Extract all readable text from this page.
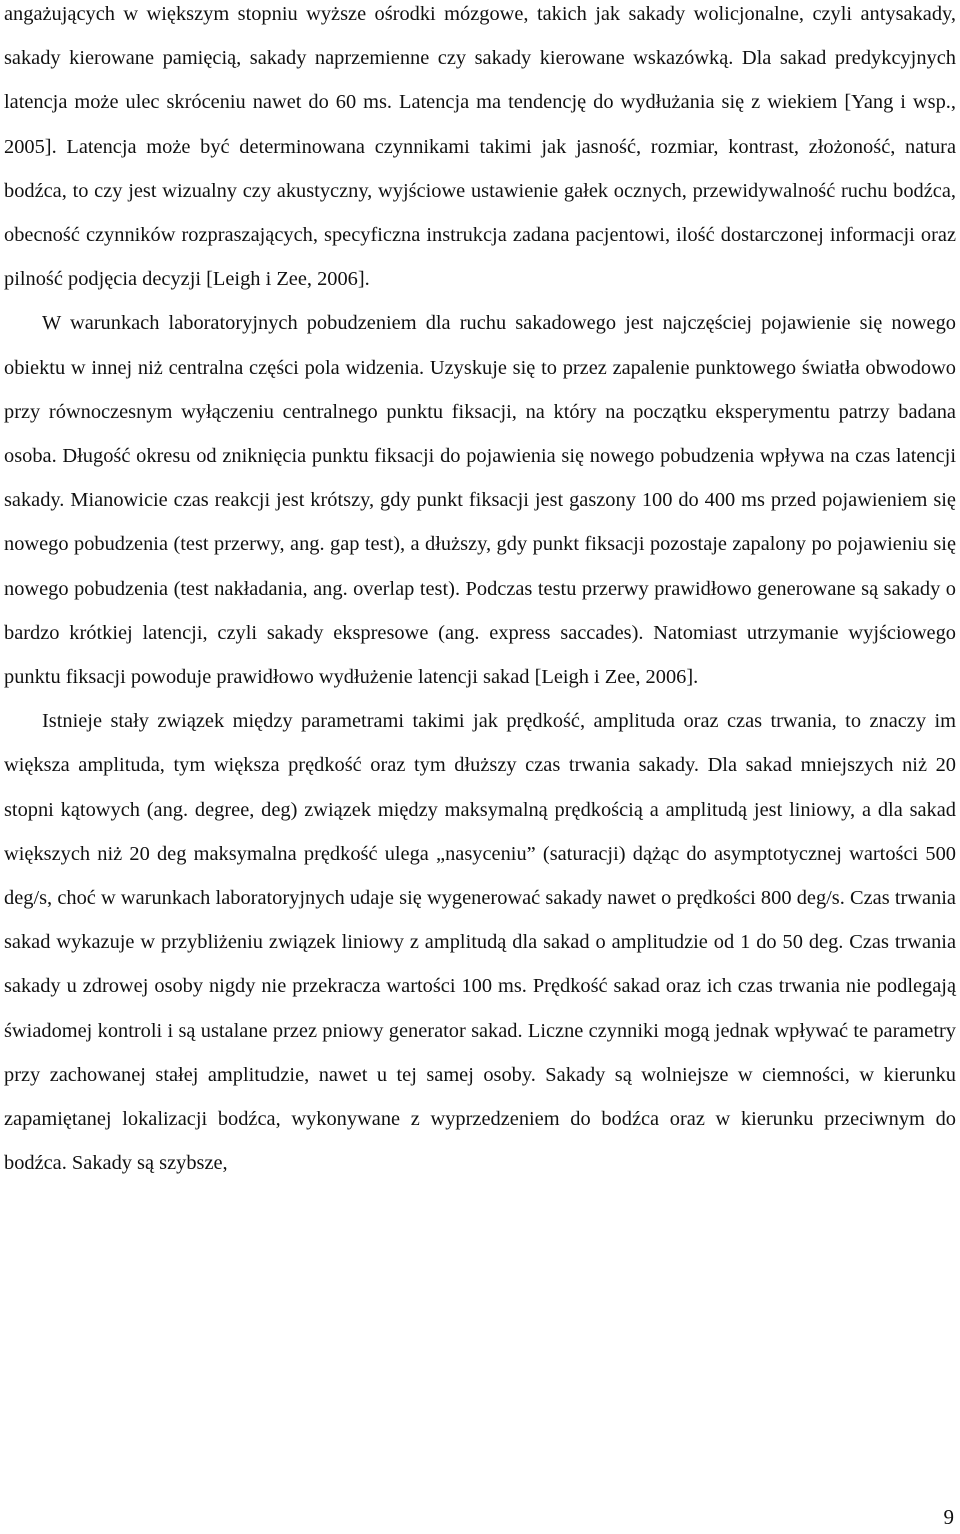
angażujących w większym stopniu wyższe ośrodki mózgowe, takich jak sakady wolicjonalne, czyli antysakady, sakady kierowane pamięcią, sakady naprzemienne czy sakady kierowane wskazówką. Dla sakad predykcyjnych latencja może ulec skróceniu nawet do 60 ms. Latencja ma tendencję do wydłużania się z wiekiem [Yang i wsp., 2005]. Latencja może być determinowana czynnikami takimi jak jasność, rozmiar, kontrast, złożoność, natura bodźca, to czy jest wizualny czy akustyczny, wyjściowe ustawienie gałek ocznych, przewidywalność ruchu bodźca, obecność czynników rozpraszających, specyficzna instrukcja zadana pacjentowi, ilość dostarczonej informacji oraz pilność podjęcia decyzji [Leigh i Zee, 2006].

W warunkach laboratoryjnych pobudzeniem dla ruchu sakadowego jest najczęściej pojawienie się nowego obiektu w innej niż centralna części pola widzenia. Uzyskuje się to przez zapalenie punktowego światła obwodowo przy równoczesnym wyłączeniu centralnego punktu fiksacji, na który na początku eksperymentu patrzy badana osoba. Długość okresu od zniknięcia punktu fiksacji do pojawienia się nowego pobudzenia wpływa na czas latencji sakady. Mianowicie czas reakcji jest krótszy, gdy punkt fiksacji jest gaszony 100 do 400 ms przed pojawieniem się nowego pobudzenia (test przerwy, ang. gap test), a dłuższy, gdy punkt fiksacji pozostaje zapalony po pojawieniu się nowego pobudzenia (test nakładania, ang. overlap test). Podczas testu przerwy prawidłowo generowane są sakady o bardzo krótkiej latencji, czyli sakady ekspresowe (ang. express saccades). Natomiast utrzymanie wyjściowego punktu fiksacji powoduje prawidłowo wydłużenie latencji sakad [Leigh i Zee, 2006].

Istnieje stały związek między parametrami takimi jak prędkość, amplituda oraz czas trwania, to znaczy im większa amplituda, tym większa prędkość oraz tym dłuższy czas trwania sakady. Dla sakad mniejszych niż 20 stopni kątowych (ang. degree, deg) związek między maksymalną prędkością a amplitudą jest liniowy, a dla sakad większych niż 20 deg maksymalna prędkość ulega „nasyceniu” (saturacji) dążąc do asymptotycznej wartości 500 deg/s, choć w warunkach laboratoryjnych udaje się wygenerować sakady nawet o prędkości 800 deg/s. Czas trwania sakad wykazuje w przybliżeniu związek liniowy z amplitudą dla sakad o amplitudzie od 1 do 50 deg. Czas trwania sakady u zdrowej osoby nigdy nie przekracza wartości 100 ms. Prędkość sakad oraz ich czas trwania nie podlegają świadomej kontroli i są ustalane przez pniowy generator sakad. Liczne czynniki mogą jednak wpływać te parametry przy zachowanej stałej amplitudzie, nawet u tej samej osoby. Sakady są wolniejsze w ciemności, w kierunku zapamiętanej lokalizacji bodźca, wykonywane z wyprzedzeniem do bodźca oraz w kierunku przeciwnym do bodźca. Sakady są szybsze,

9
